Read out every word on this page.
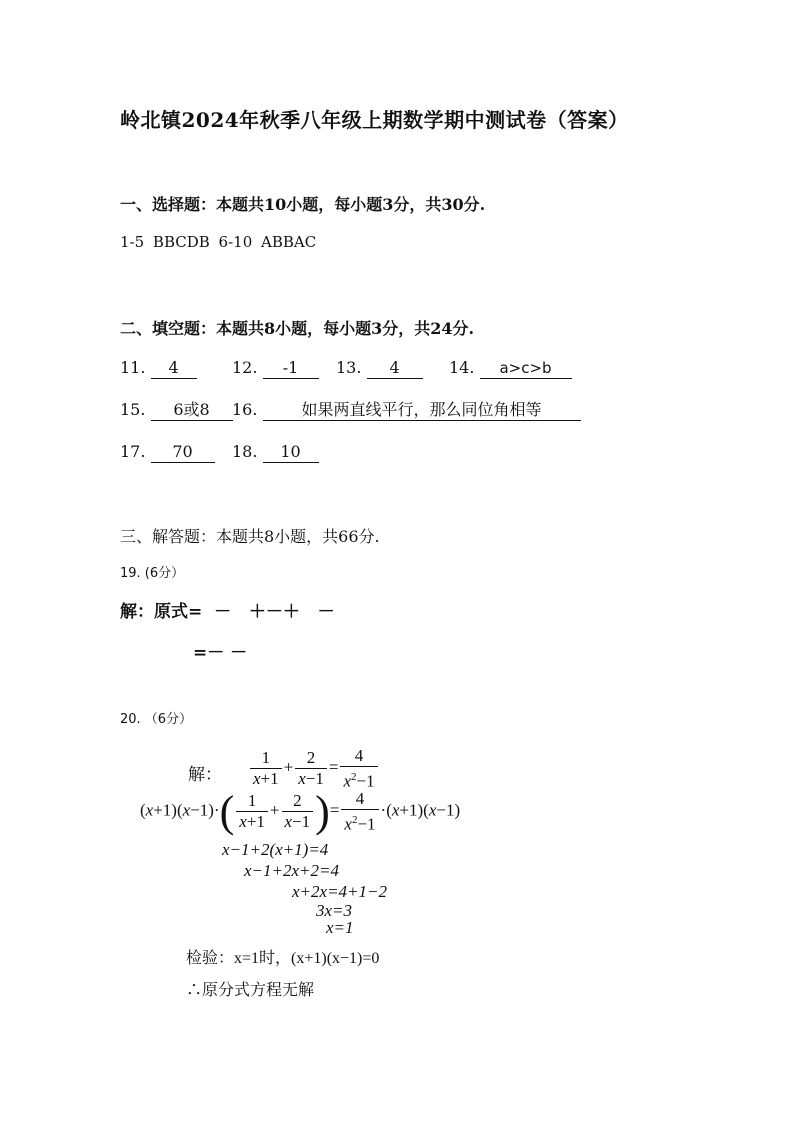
岭北镇2024年秋季八年级上期数学期中测试卷（答案）
一、选择题：本题共10小题，每小题3分，共30分.
1-5 BBCDB 6-10 ABBAC
二、填空题：本题共8小题，每小题3分，共24分.
11. 4	12. -1	13. 4	14. a>c>b
15. 6或8	16.	如果两直线平行，那么同位角相等
17. 70	18. 10
三、解答题：本题共8小题，共66分.
19. (6分）
解：原式=  －   ＋－＋   －
=－ －
20. （6分）
解： $\frac{1}{x+1} + \frac{2}{x-1} = \frac{4}{x^2-1}$
$(x+1)(x-1)\cdot( \frac{1}{x+1} + \frac{2}{x-1}$ )= $\frac{4}{x^2-1} \cdot(x+1)(x-1)$
x−1+2(x+1)=4
x−1+2x+2=4
x+2x=4+1−2
3x=3
x=1
检验：x=1时，(x+1)(x−1)=0
∴原分式方程无解
